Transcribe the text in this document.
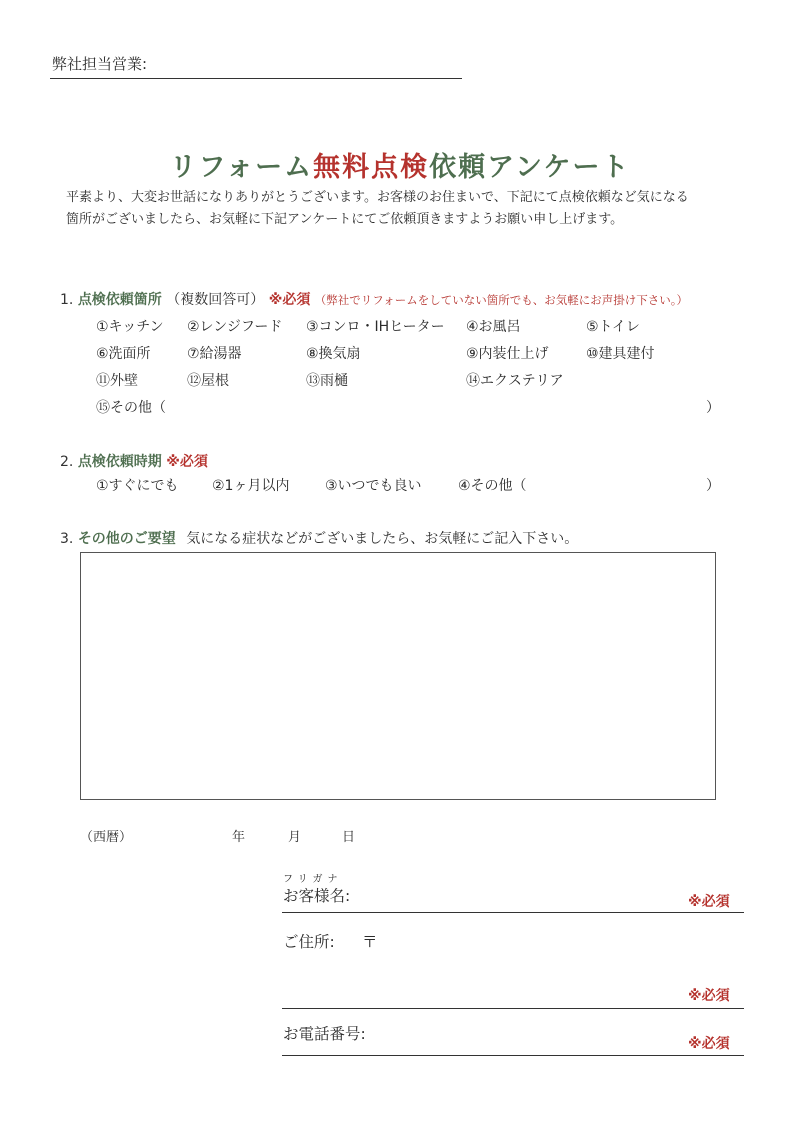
弊社担当営業:
リフォーム無料点検依頼アンケート
平素より、大変お世話になりありがとうございます。お客様のお住まいで、下記にて点検依頼など気になる
箇所がございましたら、お気軽に下記アンケートにてご依頼頂きますようお願い申し上げます。
1. 点検依頼箇所 （複数回答可） ※必須 （弊社でリフォームをしていない箇所でも、お気軽にお声掛け下さい。）
①キッチン ②レンジフード ③コンロ・IHヒーター ④お風呂	⑤トイレ
⑥洗面所	⑦給湯器	⑧換気扇	⑨内装仕上げ	⑩建具建付
⑪外壁	⑫屋根	⑬雨樋	⑭エクステリア
⑮その他（	）
2. 点検依頼時期 ※必須
①すぐにでも ②1ヶ月以内	③いつでも良い	④その他（	）
3. その他のご要望 気になる症状などがございましたら、お気軽にご記入下さい。
（西暦）	年	月	日
フリガナ
お客様名:	※必須
ご住所: 〒
※必須
お電話番号:
※必須
